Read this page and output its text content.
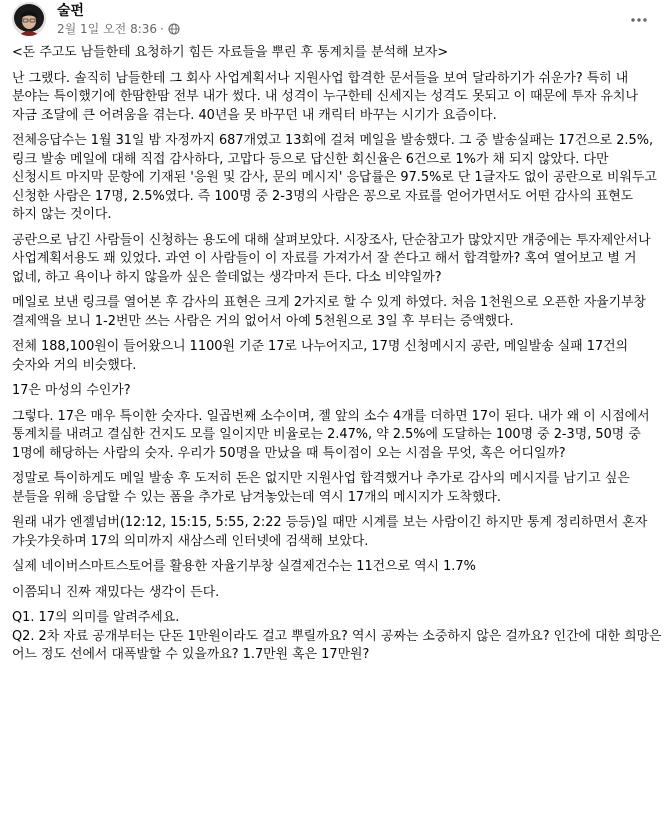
술펀
2월 1일 오전 8:36 ·

<돈 주고도 남들한테 요청하기 힘든 자료들을 뿌린 후 통계치를 분석해 보자>

난 그랬다. 솔직히 남들한테 그 회사 사업계획서나 지원사업 합격한 문서들을 보여 달라하기가 쉬운가? 특히 내 분야는 특이했기에 한땀한땀 전부 내가 썼다. 내 성격이 누구한테 신세지는 성격도 못되고 이 때문에 투자 유치나 자금 조달에 큰 어려움을 겪는다. 40년을 못 바꾸던 내 캐릭터 바꾸는 시기가 요즘이다.

전체응답수는 1월 31일 밤 자정까지 687개였고 13회에 걸쳐 메일을 발송했다. 그 중 발송실패는 17건으로 2.5%, 링크 발송 메일에 대해 직접 감사하다, 고맙다 등으로 답신한 회신율은 6건으로 1%가 채 되지 않았다. 다만 신청시트 마지막 문항에 기재된 '응원 및 감사, 문의 메시지' 응답률은 97.5%로 단 1글자도 없이 공란으로 비워두고 신청한 사람은 17명, 2.5%였다. 즉 100명 중 2-3명의 사람은 꽁으로 자료를 얻어가면서도 어떤 감사의 표현도 하지 않는 것이다.

공란으로 남긴 사람들이 신청하는 용도에 대해 살펴보았다. 시장조사, 단순참고가 많았지만 걔중에는 투자제안서나 사업계획서용도 꽤 있었다. 과연 이 사람들이 이 자료를 가져가서 잘 쓴다고 해서 합격할까? 혹여 열어보고 별 거 없네, 하고 욕이나 하지 않을까 싶은 쓸데없는 생각마저 든다. 다소 비약일까?

메일로 보낸 링크를 열어본 후 감사의 표현은 크게 2가지로 할 수 있게 하였다. 처음 1천원으로 오픈한 자율기부창 결제액을 보니 1-2번만 쓰는 사람은 거의 없어서 아예 5천원으로 3일 후 부터는 증액했다.

전체 188,100원이 들어왔으니 1100원 기준 17로 나누어지고, 17명 신청메시지 공란, 메일발송 실패 17건의 숫자와 거의 비슷했다.

17은 마성의 수인가?

그렇다. 17은 매우 특이한 숫자다. 일곱번째 소수이며, 젤 앞의 소수 4개를 더하면 17이 된다. 내가 왜 이 시점에서 통계치를 내려고 결심한 건지도 모를 일이지만 비율로는 2.47%, 약 2.5%에 도달하는 100명 중 2-3명, 50명 중 1명에 해당하는 사람의 숫자. 우리가 50명을 만났을 때 특이점이 오는 시점을 무엇, 혹은 어디일까?

정말로 특이하게도 메일 발송 후 도저히 돈은 없지만 지원사업 합격했거나 추가로 감사의 메시지를 남기고 싶은 분들을 위해 응답할 수 있는 폼을 추가로 남겨놓았는데 역시 17개의 메시지가 도착했다.

원래 내가 엔젤넘버(12:12, 15:15, 5:55, 2:22 등등)일 때만 시계를 보는 사람이긴 하지만 통계 정리하면서 혼자 갸웃갸웃하며 17의 의미까지 새삼스레 인터넷에 검색해 보았다.

실제 네이버스마트스토어를 활용한 자율기부창 실결제건수는 11건으로 역시 1.7%

이쯤되니 진짜 재밌다는 생각이 든다.

Q1. 17의 의미를 알려주세요.

Q2. 2차 자료 공개부터는 단돈 1만원이라도 걸고 뿌릴까요? 역시 공짜는 소중하지 않은 걸까요? 인간에 대한 희망은 어느 정도 선에서 대폭발할 수 있을까요? 1.7만원 혹은 17만원?
